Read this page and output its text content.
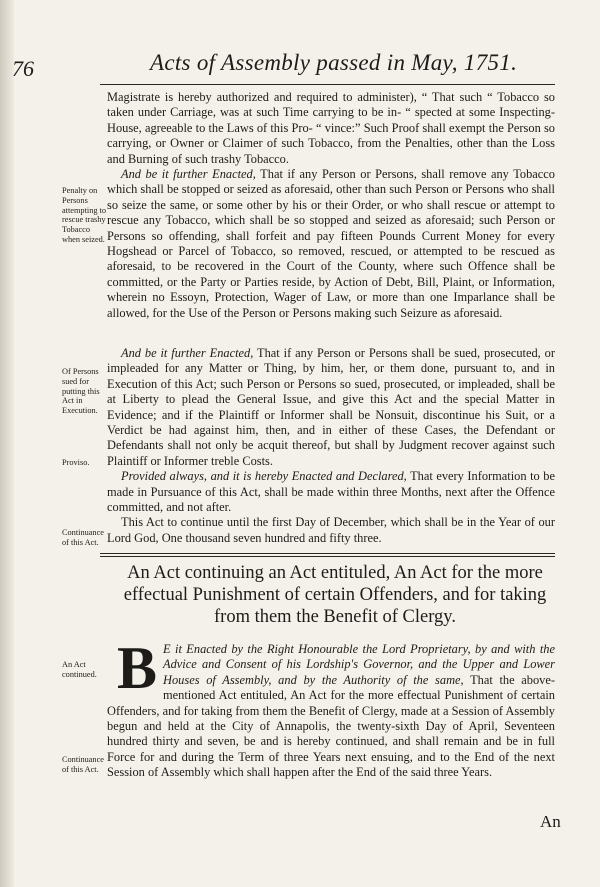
76	Acts of Assembly passed in May, 1751.

Magistrate is hereby authorized and required to administer), “ That such “ Tobacco so taken under Carriage, was at such Time carrying to be in- “ spected at some Inspecting-House, agreeable to the Laws of this Pro- “ vince:” Such Proof shall exempt the Person so carrying, or Owner or Claimer of such Tobacco, from the Penalties, other than the Loss and Burning of such trashy Tobacco.

And be it further Enacted, That if any Person or Persons, shall remove any Tobacco which shall be stopped or seized as aforesaid, other than such Person or Persons who shall so seize the same, or some other by his or their Order, or who shall rescue or attempt to rescue any Tobacco, which shall be so stopped and seized as aforesaid; such Person or Persons so offending, shall forfeit and pay fifteen Pounds Current Money for every Hogshead or Parcel of Tobacco, so removed, rescued, or attempted to be rescued as aforesaid, to be recovered in the Court of the County, where such Offence shall be committed, or the Party or Parties reside, by Action of Debt, Bill, Plaint, or Information, wherein no Essoyn, Protection, Wager of Law, or more than one Imparlance shall be allowed, for the Use of the Person or Persons making such Seizure as aforesaid.

And be it further Enacted, That if any Person or Persons shall be sued, prosecuted, or impleaded for any Matter or Thing, by him, her, or them done, pursuant to, and in Execution of this Act; such Person or Persons so sued, prosecuted, or impleaded, shall be at Liberty to plead the General Issue, and give this Act and the special Matter in Evidence; and if the Plaintiff or Informer shall be Nonsuit, discontinue his Suit, or a Verdict be had against him, then, and in either of these Cases, the Defendant or Defendants shall not only be acquit thereof, but shall by Judgment recover against such Plaintiff or Informer treble Costs.

Provided always, and it is hereby Enacted and Declared, That every Information to be made in Pursuance of this Act, shall be made within three Months, next after the Offence committed, and not after.

This Act to continue until the first Day of December, which shall be in the Year of our Lord God, One thousand seven hundred and fifty three.

An Act continuing an Act entituled, An Act for the more effectual Punishment of certain Offenders, and for taking from them the Benefit of Clergy.

B E it Enacted by the Right Honourable the Lord Proprietary, by and with the Advice and Consent of his Lordship's Governor, and the Upper and Lower Houses of Assembly, and by the Authority of the same, That the above-mentioned Act entituled, An Act for the more effectual Punishment of certain Offenders, and for taking from them the Benefit of Clergy, made at a Session of Assembly begun and held at the City of Annapolis, the twenty-sixth Day of April, Seventeen hundred thirty and seven, be and is hereby continued, and shall remain and be in full Force for and during the Term of three Years next ensuing, and to the End of the next Session of Assembly which shall happen after the End of the said three Years.

Penalty on Persons attempting to rescue trashy Tobacco when seized.
Of Persons sued for putting this Act in Execution.
Proviso.
Continuance of this Act.
An Act continued.
Continuance of this Act.
An
